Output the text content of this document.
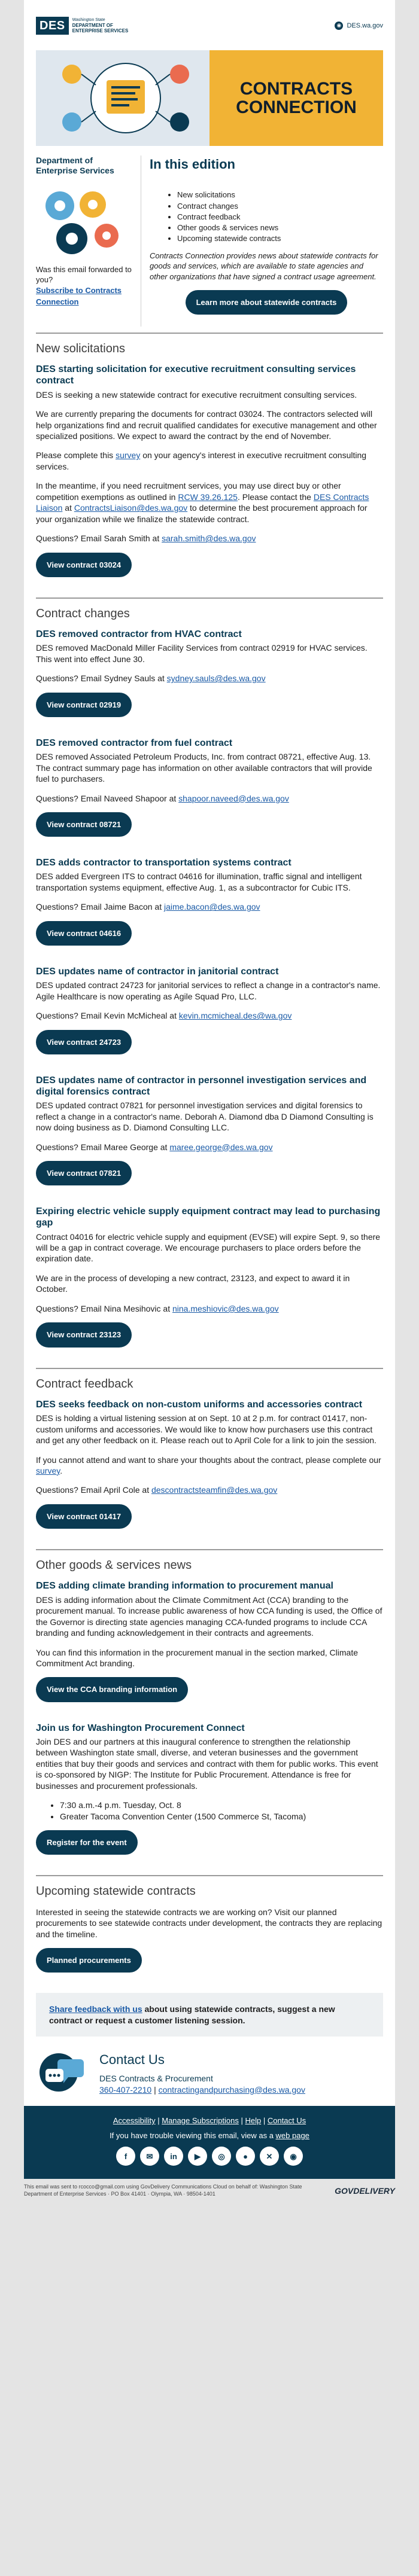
DES	Washington State
DEPARTMENT OF
ENTERPRISE SERVICES
◉ DES.wa.gov
CONTRACTS
CONNECTION
Department of Enterprise Services
Was this email forwarded to you?
Subscribe to Contracts Connection
In this edition
• New solicitations
• Contract changes
• Contract feedback
• Other goods & services news
• Upcoming statewide contracts

Contracts Connection provides news about statewide contracts for goods and services, which are available to state agencies and other organizations that have signed a contract usage agreement.

Learn more about statewide contracts
New solicitations
DES starting solicitation for executive recruitment consulting services contract

DES is seeking a new statewide contract for executive recruitment consulting services.

We are currently preparing the documents for contract 03024. The contractors selected will help organizations find and recruit qualified candidates for executive management and other specialized positions. We expect to award the contract by the end of November.

Please complete this survey on your agency's interest in executive recruitment consulting services.

In the meantime, if you need recruitment services, you may use direct buy or other competition exemptions as outlined in RCW 39.26.125. Please contact the DES Contracts Liaison at ContractsLiaison@des.wa.gov to determine the best procurement approach for your organization while we finalize the statewide contract.

Questions? Email Sarah Smith at sarah.smith@des.wa.gov

View contract 03024
Contract changes
DES removed contractor from HVAC contract

DES removed MacDonald Miller Facility Services from contract 02919 for HVAC services. This went into effect June 30.

Questions? Email Sydney Sauls at sydney.sauls@des.wa.gov

View contract 02919
DES removed contractor from fuel contract

DES removed Associated Petroleum Products, Inc. from contract 08721, effective Aug. 13. The contract summary page has information on other available contractors that will provide fuel to purchasers.

Questions? Email Naveed Shapoor at shapoor.naveed@des.wa.gov

View contract 08721
DES adds contractor to transportation systems contract

DES added Evergreen ITS to contract 04616 for illumination, traffic signal and intelligent transportation systems equipment, effective Aug. 1, as a subcontractor for Cubic ITS.

Questions? Email Jaime Bacon at jaime.bacon@des.wa.gov

View contract 04616
DES updates name of contractor in janitorial contract

DES updated contract 24723 for janitorial services to reflect a change in a contractor's name. Agile Healthcare is now operating as Agile Squad Pro, LLC.

Questions? Email Kevin McMicheal at kevin.mcmicheal.des@wa.gov

View contract 24723
DES updates name of contractor in personnel investigation services and digital forensics contract

DES updated contract 07821 for personnel investigation services and digital forensics to reflect a change in a contractor's name. Deborah A. Diamond dba D Diamond Consulting is now doing business as D. Diamond Consulting LLC.

Questions? Email Maree George at maree.george@des.wa.gov

View contract 07821
Expiring electric vehicle supply equipment contract may lead to purchasing gap

Contract 04016 for electric vehicle supply and equipment (EVSE) will expire Sept. 9, so there will be a gap in contract coverage. We encourage purchasers to place orders before the expiration date.

We are in the process of developing a new contract, 23123, and expect to award it in October.

Questions? Email Nina Mesihovic at nina.meshiovic@des.wa.gov

View contract 23123
Contract feedback
DES seeks feedback on non-custom uniforms and accessories contract

DES is holding a virtual listening session at on Sept. 10 at 2 p.m. for contract 01417, non-custom uniforms and accessories. We would like to know how purchasers use this contract and get any other feedback on it. Please reach out to April Cole for a link to join the session.

If you cannot attend and want to share your thoughts about the contract, please complete our survey.

Questions? Email April Cole at descontractsteamfin@des.wa.gov

View contract 01417
Other goods & services news
DES adding climate branding information to procurement manual

DES is adding information about the Climate Commitment Act (CCA) branding to the procurement manual. To increase public awareness of how CCA funding is used, the Office of the Governor is directing state agencies managing CCA-funded programs to include CCA branding and funding acknowledgement in their contracts and agreements.

You can find this information in the procurement manual in the section marked, Climate Commitment Act branding.

View the CCA branding information
Join us for Washington Procurement Connect

Join DES and our partners at this inaugural conference to strengthen the relationship between Washington state small, diverse, and veteran businesses and the government entities that buy their goods and services and contract with them for public works. This event is co-sponsored by NIGP: The Institute for Public Procurement. Attendance is free for businesses and procurement professionals.

• 7:30 a.m.-4 p.m. Tuesday, Oct. 8
• Greater Tacoma Convention Center (1500 Commerce St, Tacoma)
Register for the event
Upcoming statewide contracts

Interested in seeing the statewide contracts we are working on? Visit our planned procurements to see statewide contracts under development, the contracts they are replacing and the timeline.

Planned procurements
Share feedback with us about using statewide contracts, suggest a new contract or request a customer listening session.
Contact Us
DES Contracts & Procurement
360-407-2210 | contractingandpurchasing@des.wa.gov
Accessibility | Manage Subscriptions | Help | Contact Us
If you have trouble viewing this email, view as a web page
f	✉	in	▶	◎	●	✕	◉
This email was sent to rcocco@gmail.com using GovDelivery Communications Cloud on behalf of: Washington State Department of Enterprise Services · PO Box 41401 · Olympia, WA · 98504-1401	GOVDELIVERY
